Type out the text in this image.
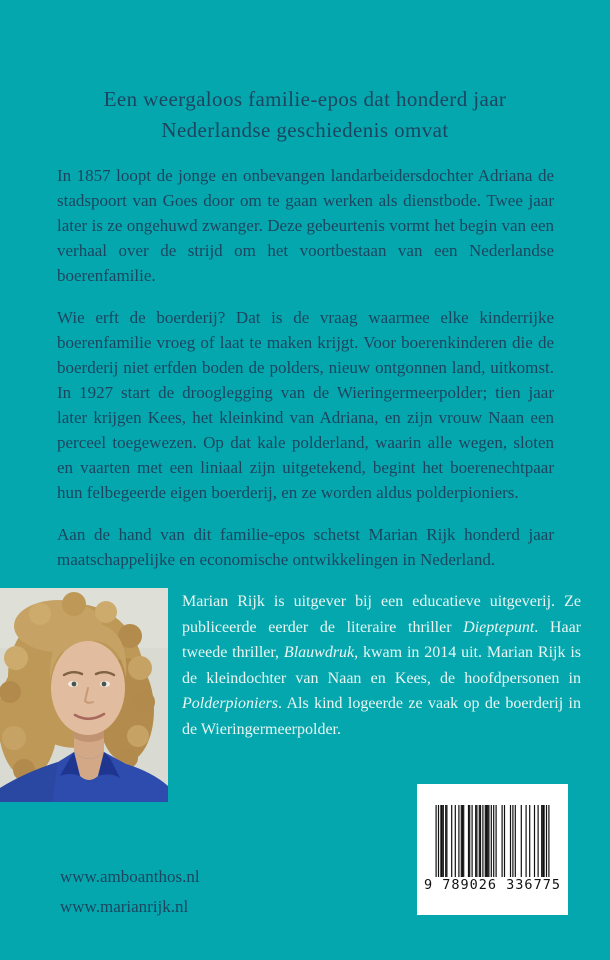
Een weergaloos familie-epos dat honderd jaar
Nederlandse geschiedenis omvat

In 1857 loopt de jonge en onbevangen landarbeidersdochter Adriana de stadspoort van Goes door om te gaan werken als dienstbode. Twee jaar later is ze ongehuwd zwanger. Deze gebeurtenis vormt het begin van een verhaal over de strijd om het voortbestaan van een Nederlandse boerenfamilie.

Wie erft de boerderij? Dat is de vraag waarmee elke kinderrijke boerenfamilie vroeg of laat te maken krijgt. Voor boerenkinderen die de boerderij niet erfden boden de polders, nieuw ontgonnen land, uitkomst. In 1927 start de drooglegging van de Wieringermeerpolder; tien jaar later krijgen Kees, het kleinkind van Adriana, en zijn vrouw Naan een perceel toegewezen. Op dat kale polderland, waarin alle wegen, sloten en vaarten met een liniaal zijn uitgetekend, begint het boerenechtpaar hun felbegeerde eigen boerderij, en ze worden aldus polderpioniers.

Aan de hand van dit familie-epos schetst Marian Rijk honderd jaar maatschappelijke en economische ontwikkelingen in Nederland.

Marian Rijk is uitgever bij een educatieve uitgeverij. Ze publiceerde eerder de literaire thriller Dieptepunt. Haar tweede thriller, Blauwdruk, kwam in 2014 uit. Marian Rijk is de kleindochter van Naan en Kees, de hoofdpersonen in Polderpioniers. Als kind logeerde ze vaak op de boerderij in de Wieringermeerpolder.
www.amboanthos.nl
www.marianrijk.nl
9 789026 336775
